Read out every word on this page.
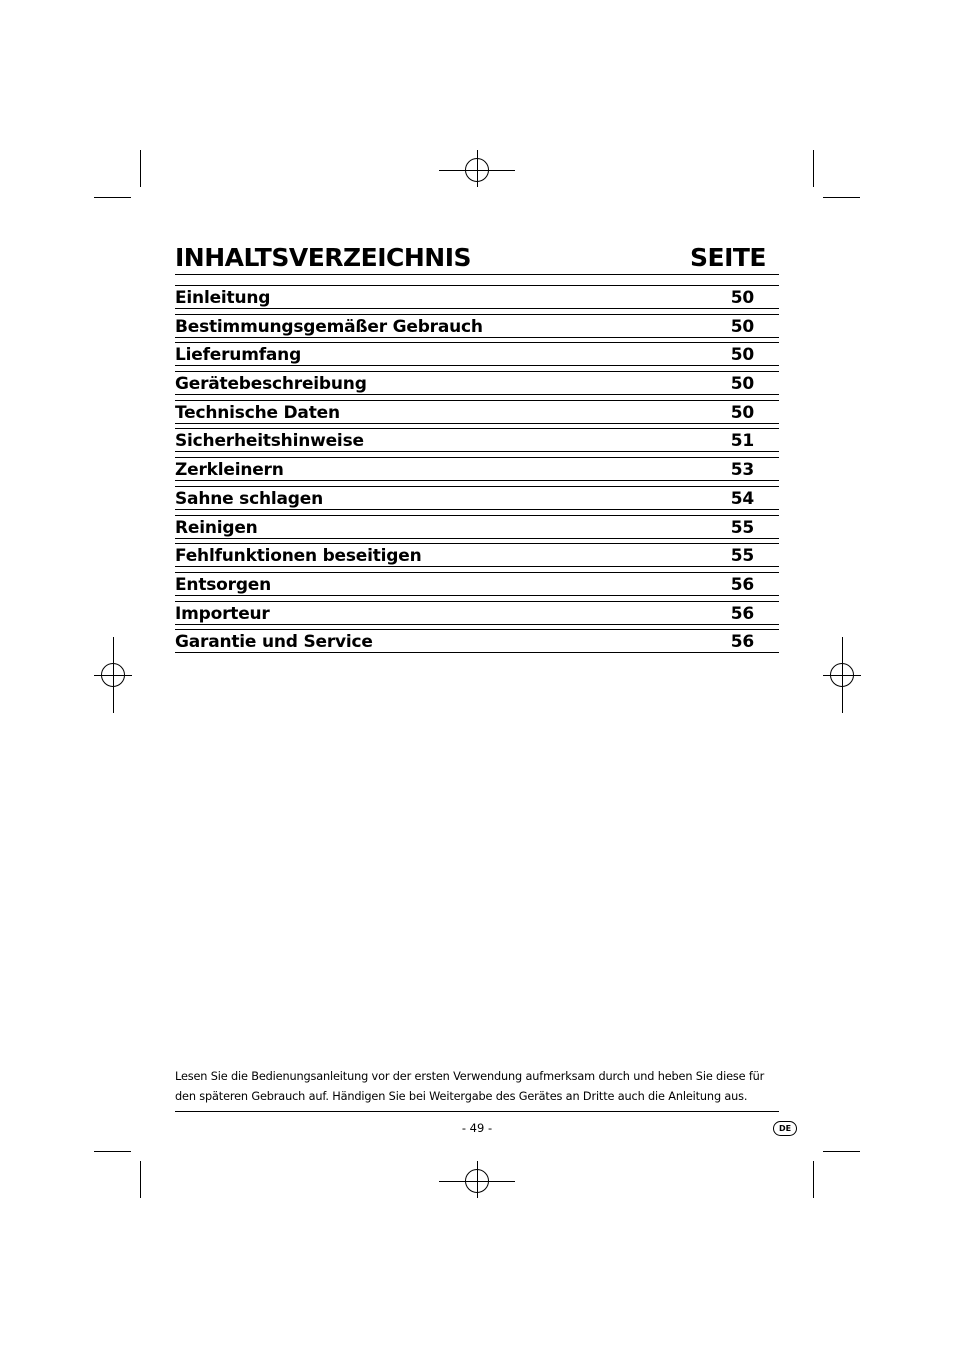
INHALTSVERZEICHNIS	SEITE
Einleitung	50
Bestimmungsgemäßer Gebrauch	50
Lieferumfang	50
Gerätebeschreibung	50
Technische Daten	50
Sicherheitshinweise	51
Zerkleinern	53
Sahne schlagen	54
Reinigen	55
Fehlfunktionen beseitigen	55
Entsorgen	56
Importeur	56
Garantie und Service	56
Lesen Sie die Bedienungsanleitung vor der ersten Verwendung aufmerksam durch und heben Sie diese für
den späteren Gebrauch auf. Händigen Sie bei Weitergabe des Gerätes an Dritte auch die Anleitung aus.
- 49 -	DE
